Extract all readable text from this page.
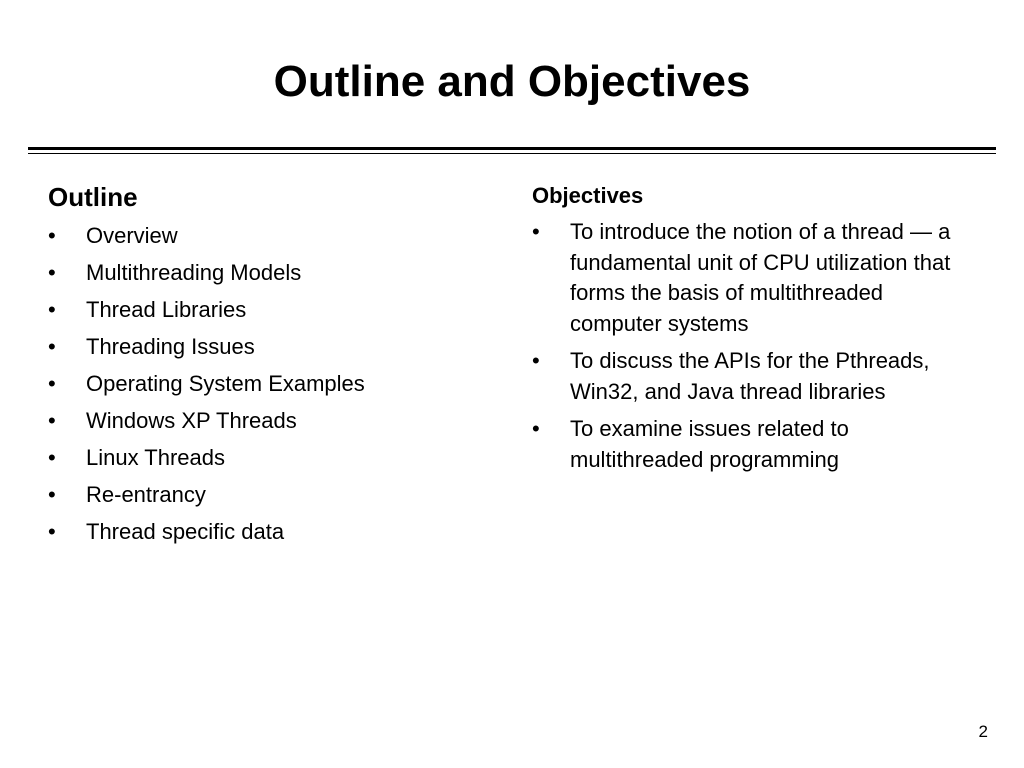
Outline and Objectives
Outline
• Overview
• Multithreading Models
• Thread Libraries
• Threading Issues
• Operating System Examples
• Windows XP Threads
• Linux Threads
• Re-entrancy
• Thread specific data
Objectives
• To introduce the notion of a thread — a fundamental unit of CPU utilization that forms the basis of multithreaded computer systems
• To discuss the APIs for the Pthreads, Win32, and Java thread libraries
• To examine issues related to multithreaded programming
2
